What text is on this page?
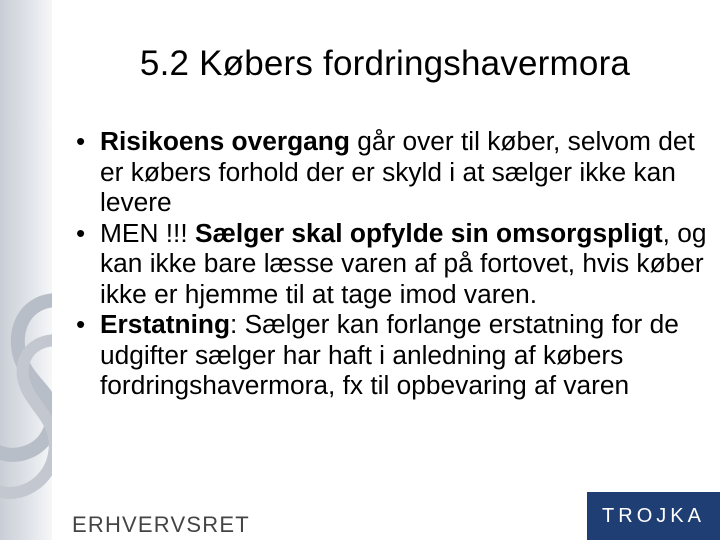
5.2 Købers fordringshavermora
• Risikoens overgang går over til køber, selvom det er købers forhold der er skyld i at sælger ikke kan levere
• MEN !!! Sælger skal opfylde sin omsorgspligt, og kan ikke bare læsse varen af på fortovet, hvis køber ikke er hjemme til at tage imod varen.
• Erstatning: Sælger kan forlange erstatning for de udgifter sælger har haft i anledning af købers fordringshavermora, fx til opbevaring af varen
ERHVERVSRET	TROJKA
